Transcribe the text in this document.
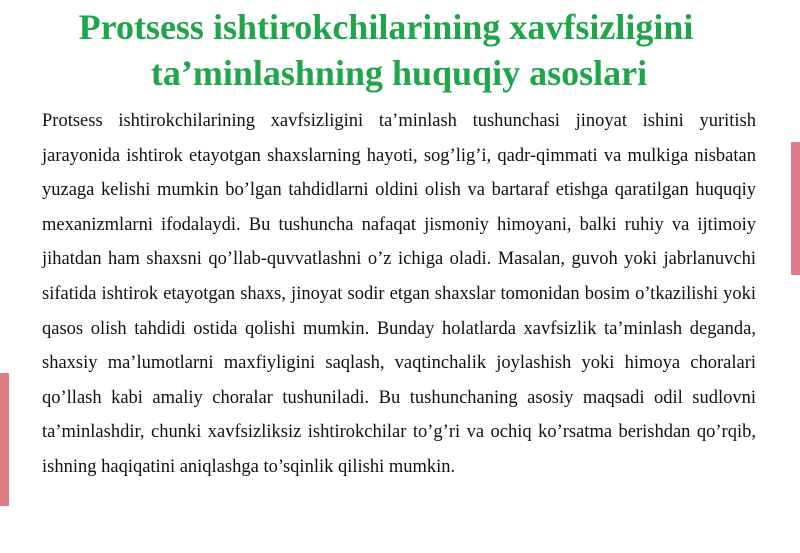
Protsess ishtirokchilarining xavfsizligini
ta’minlashning huquqiy asoslari

Protsess ishtirokchilarining xavfsizligini ta’minlash tushunchasi jinoyat ishini yuritish jarayonida ishtirok etayotgan shaxslarning hayoti, sog’lig’i, qadr-qimmati va mulkiga nisbatan yuzaga kelishi mumkin bo’lgan tahdidlarni oldini olish va bartaraf etishga qaratilgan huquqiy mexanizmlarni ifodalaydi. Bu tushuncha nafaqat jismoniy himoyani, balki ruhiy va ijtimoiy jihatdan ham shaxsni qo’llab-quvvatlashni o’z ichiga oladi. Masalan, guvoh yoki jabrlanuvchi sifatida ishtirok etayotgan shaxs, jinoyat sodir etgan shaxslar tomonidan bosim o’tkazilishi yoki qasos olish tahdidi ostida qolishi mumkin. Bunday holatlarda xavfsizlik ta’minlash deganda, shaxsiy ma’lumotlarni maxfiyligini saqlash, vaqtinchalik joylashish yoki himoya choralari qo’llash kabi amaliy choralar tushuniladi. Bu tushunchaning asosiy maqsadi odil sudlovni ta’minlashdir, chunki xavfsizliksiz ishtirokchilar to’g’ri va ochiq ko’rsatma berishdan qo’rqib, ishning haqiqatini aniqlashga to’sqinlik qilishi mumkin.
